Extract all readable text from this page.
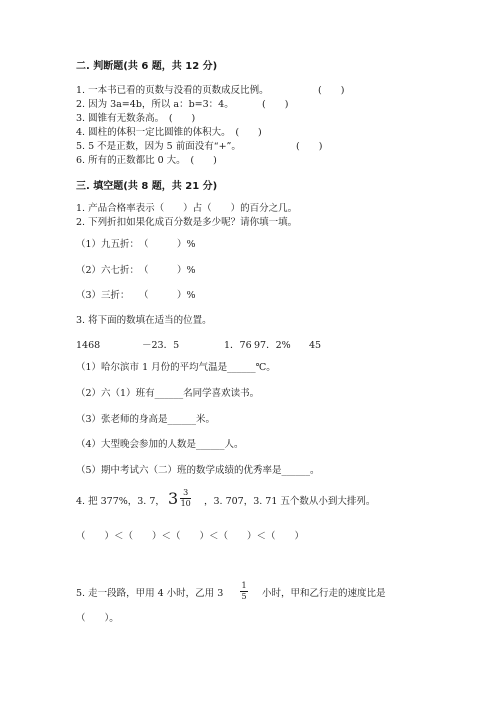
二. 判断题(共 6 题，共 12 分)
1. 一本书已看的页数与没看的页数成反比例。	(　　)
2. 因为 3a=4b，所以 a：b=3：4。	(　　)
3. 圆锥有无数条高。　(　　)
4. 圆柱的体积一定比圆锥的体积大。　(　　)
5. 5 不是正数，因为 5 前面没有“+”。	(　　)
6. 所有的正数都比 0 大。　(　　)
三. 填空题(共 8 题，共 21 分)
1. 产品合格率表示（　　）占（　　）的百分之几。
2. 下列折扣如果化成百分数是多少呢？请你填一填。
（1）九五折：　（　　　）%
（2）六七折：　（　　　）%
（3）三折：　　（　　　）%
3. 将下面的数填在适当的位置。
1468	－23．5	1．76 97．2% 45
（1）哈尔滨市 1 月份的平均气温是______℃。
（2）六（1）班有______名同学喜欢读书。
（3）张老师的身高是______米。
（4）大型晚会参加的人数是______人。
（5）期中考试六（二）班的数学成绩的优秀率是______。
4. 把 377%，3. 7， $3 \frac{3}{10}$ ，3. 707，3. 71 五个数从小到大排列。
（　　）＜（　　）＜（　　）＜（　　）＜（　　）
5. 走一段路，甲用 4 小时，乙用 $3 \frac{1}{5}$ 小时，甲和乙行走的速度比是
（　　）。
